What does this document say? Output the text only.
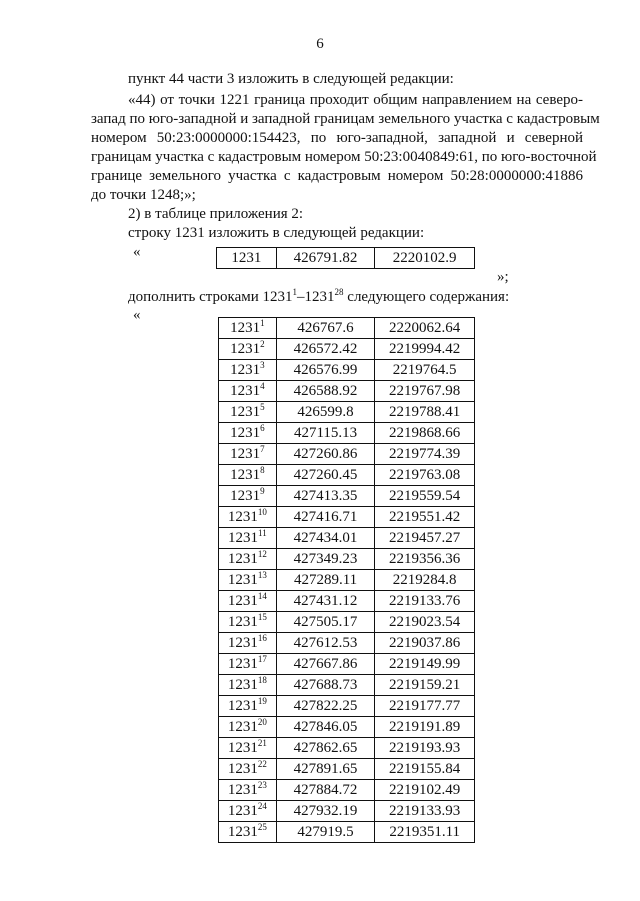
6
пункт 44 части 3 изложить в следующей редакции:
«44) от точки 1221 граница проходит общим направлением на северо-
запад по юго-западной и западной границам земельного участка с кадастровым
номером 50:23:0000000:154423, по юго-западной, западной и северной
границам участка с кадастровым номером 50:23:0040849:61, по юго-восточной
границе земельного участка с кадастровым номером 50:28:0000000:41886
до точки 1248;»;
2) в таблице приложения 2:
строку 1231 изложить в следующей редакции:
«	1231	426791.82	2220102.9
»;
дополнить строками 1231$^1$–1231$^{28}$ следующего содержания:
«
1231$^1$	426767.6	2220062.64
1231$^2$	426572.42	2219994.42
1231$^3$	426576.99	2219764.5
1231$^4$	426588.92	2219767.98
1231$^5$	426599.8	2219788.41
1231$^6$	427115.13	2219868.66
1231$^7$	427260.86	2219774.39
1231$^8$	427260.45	2219763.08
1231$^9$	427413.35	2219559.54
1231$^{10}$	427416.71	2219551.42
1231$^{11}$	427434.01	2219457.27
1231$^{12}$	427349.23	2219356.36
1231$^{13}$	427289.11	2219284.8
1231$^{14}$	427431.12	2219133.76
1231$^{15}$	427505.17	2219023.54
1231$^{16}$	427612.53	2219037.86
1231$^{17}$	427667.86	2219149.99
1231$^{18}$	427688.73	2219159.21
1231$^{19}$	427822.25	2219177.77
1231$^{20}$	427846.05	2219191.89
1231$^{21}$	427862.65	2219193.93
1231$^{22}$	427891.65	2219155.84
1231$^{23}$	427884.72	2219102.49
1231$^{24}$	427932.19	2219133.93
1231$^{25}$	427919.5	2219351.11
